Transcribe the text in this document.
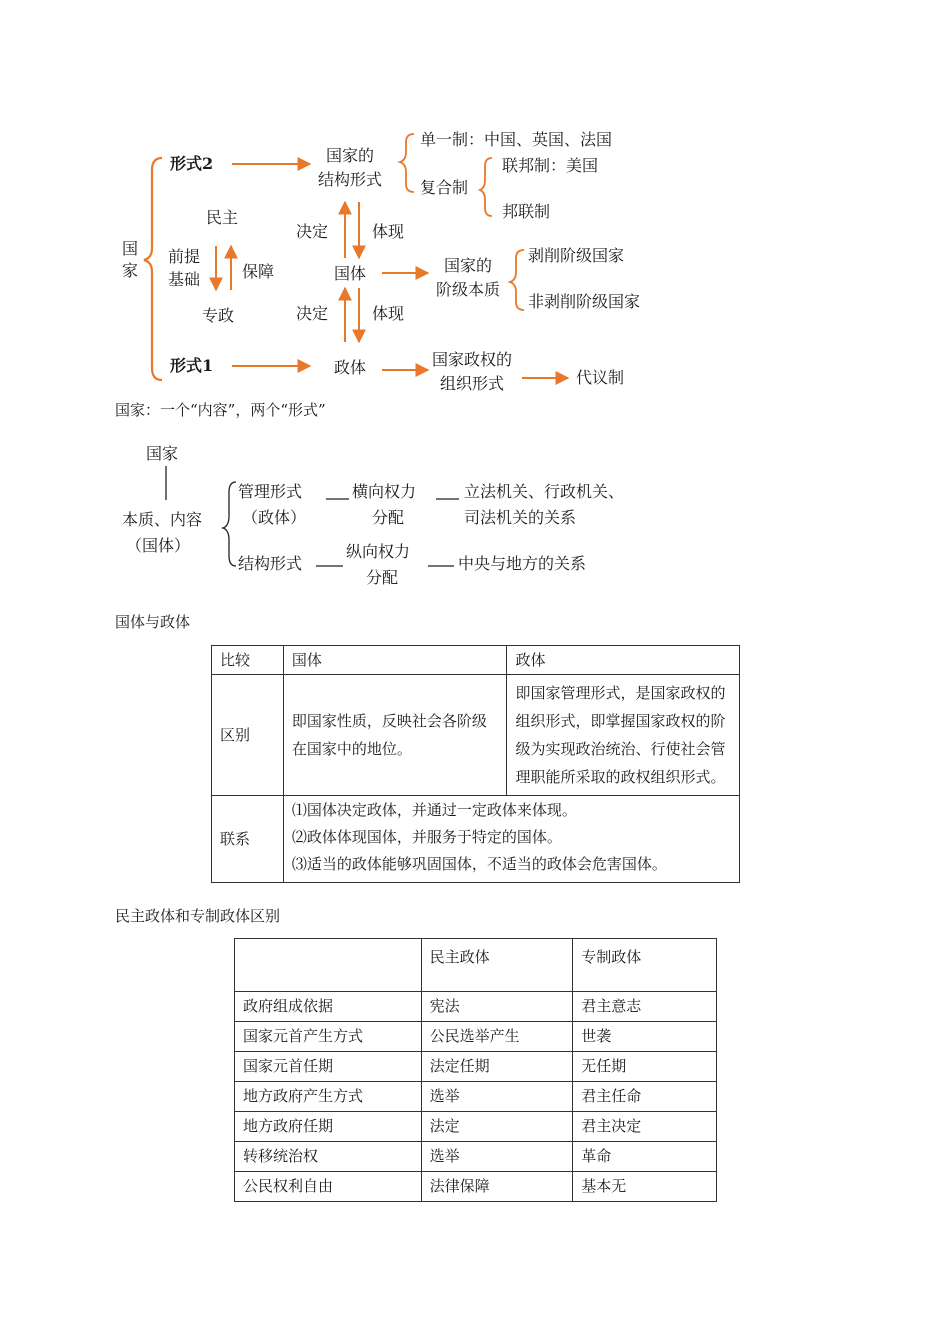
国家
形式2
形式1
民主
前提
基础	保障
专政
决定	体现
国体
决定	体现
政体
国家的
结构形式
单一制：中国、英国、法国
复合制
联邦制：美国
邦联制
国家的
阶级本质
剥削阶级国家
非剥削阶级国家
国家政权的
组织形式	代议制
国家：一个“内容”，两个“形式”
国家
本质、内容
（国体）
管理形式
（政体）
横向权力
分配
立法机关、行政机关、
司法机关的关系
结构形式
纵向权力
分配
中央与地方的关系
国体与政体
比较	国体	政体
区别	即国家性质，反映社会各阶级在国家中的地位。	即国家管理形式，是国家政权的组织形式，即掌握国家政权的阶级为实现政治统治、行使社会管理职能所采取的政权组织形式。
联系	⑴国体决定政体，并通过一定政体来体现。
⑵政体体现国体，并服务于特定的国体。
⑶适当的政体能够巩固国体，不适当的政体会危害国体。	
民主政体和专制政体区别
	民主政体	专制政体
政府组成依据	宪法	君主意志
国家元首产生方式	公民选举产生	世袭
国家元首任期	法定任期	无任期
地方政府产生方式	选举	君主任命
地方政府任期	法定	君主决定
转移统治权	选举	革命
公民权利自由	法律保障	基本无
